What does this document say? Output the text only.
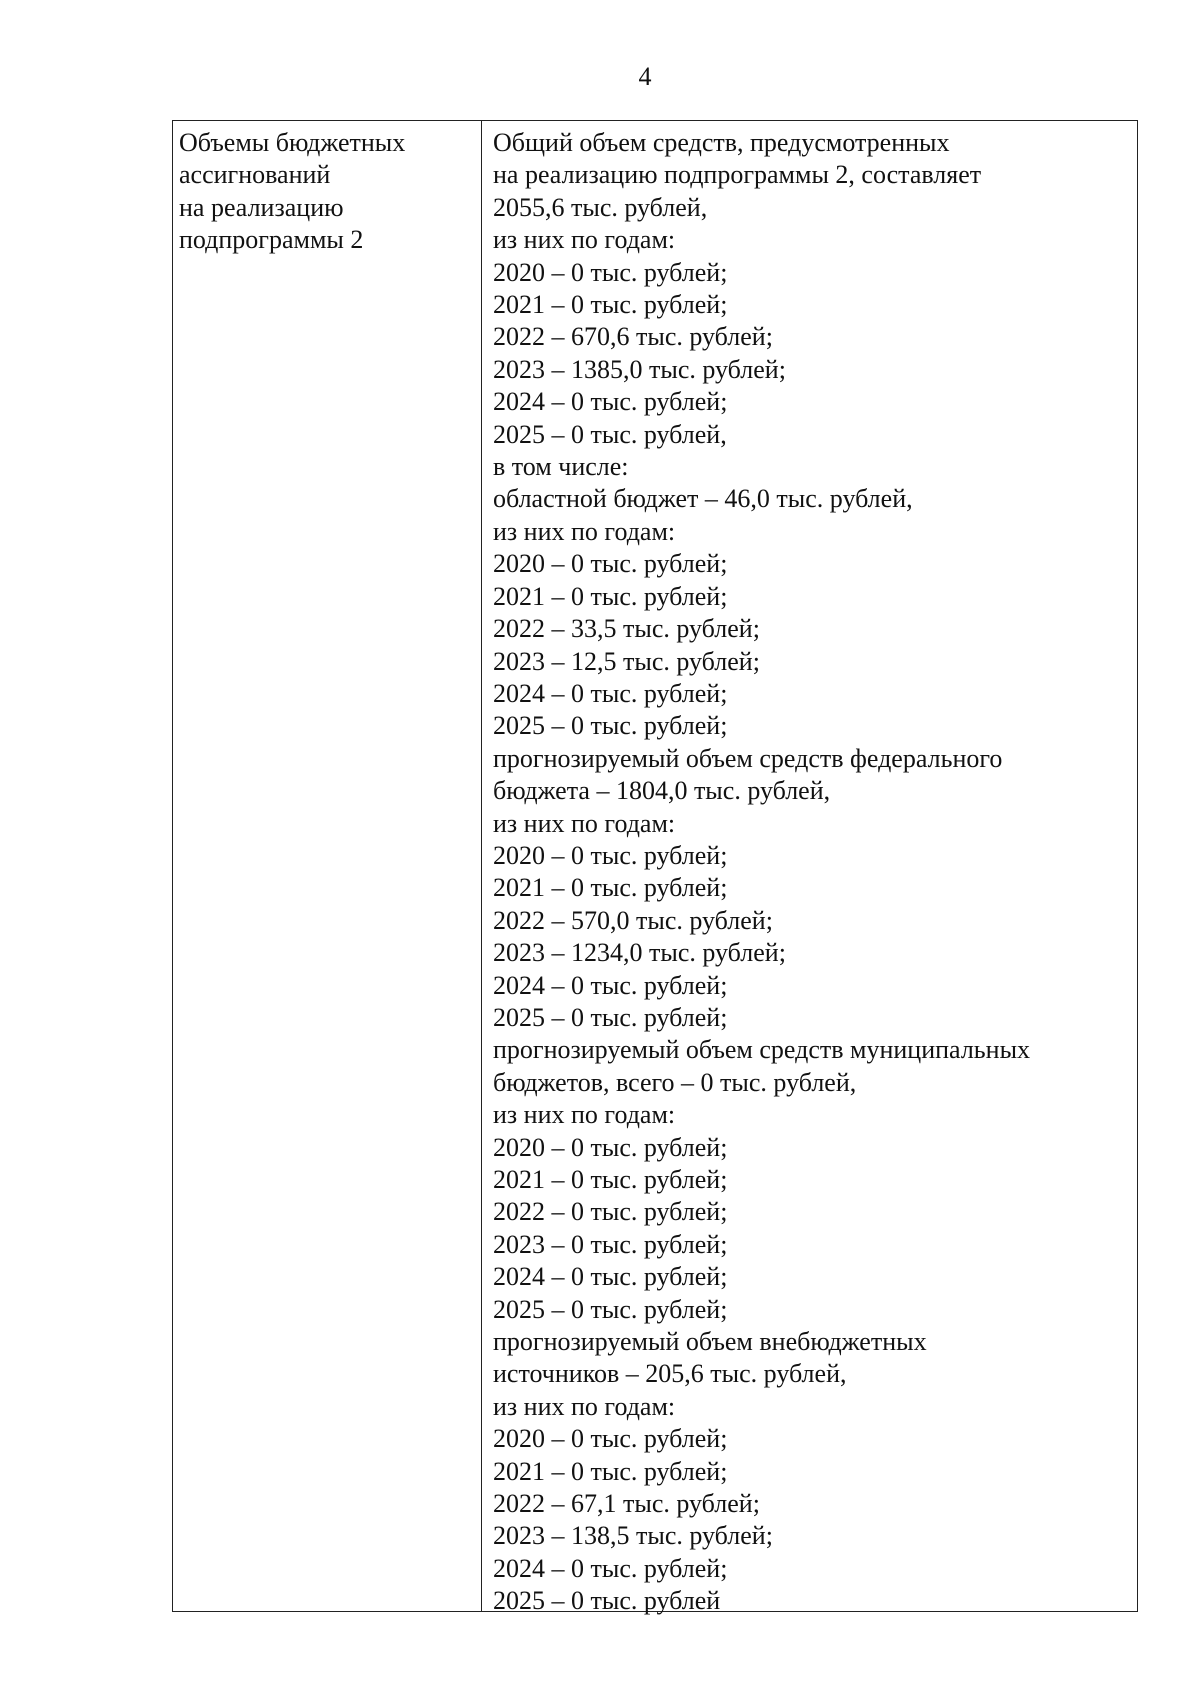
4
Объемы бюджетных
ассигнований
на реализацию
подпрограммы 2
Общий объем средств, предусмотренных
на реализацию подпрограммы 2, составляет
2055,6 тыс. рублей,
из них по годам:
2020 – 0 тыс. рублей;
2021 – 0 тыс. рублей;
2022 – 670,6 тыс. рублей;
2023 – 1385,0 тыс. рублей;
2024 – 0 тыс. рублей;
2025 – 0 тыс. рублей,
в том числе:
областной бюджет – 46,0 тыс. рублей,
из них по годам:
2020 – 0 тыс. рублей;
2021 – 0 тыс. рублей;
2022 – 33,5 тыс. рублей;
2023 – 12,5 тыс. рублей;
2024 – 0 тыс. рублей;
2025 – 0 тыс. рублей;
прогнозируемый объем средств федерального
бюджета – 1804,0 тыс. рублей,
из них по годам:
2020 – 0 тыс. рублей;
2021 – 0 тыс. рублей;
2022 – 570,0 тыс. рублей;
2023 – 1234,0 тыс. рублей;
2024 – 0 тыс. рублей;
2025 – 0 тыс. рублей;
прогнозируемый объем средств муниципальных
бюджетов, всего – 0 тыс. рублей,
из них по годам:
2020 – 0 тыс. рублей;
2021 – 0 тыс. рублей;
2022 – 0 тыс. рублей;
2023 – 0 тыс. рублей;
2024 – 0 тыс. рублей;
2025 – 0 тыс. рублей;
прогнозируемый объем внебюджетных
источников – 205,6 тыс. рублей,
из них по годам:
2020 – 0 тыс. рублей;
2021 – 0 тыс. рублей;
2022 – 67,1 тыс. рублей;
2023 – 138,5 тыс. рублей;
2024 – 0 тыс. рублей;
2025 – 0 тыс. рублей
